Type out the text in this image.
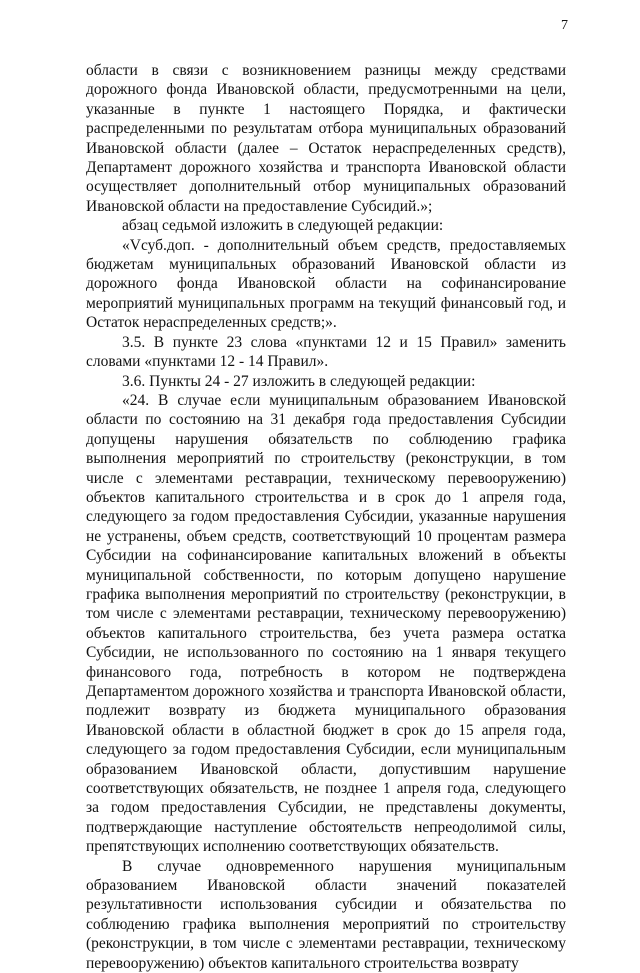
7

области в связи с возникновением разницы между средствами дорожного фонда Ивановской области, предусмотренными на цели, указанные в пункте 1 настоящего Порядка, и фактически распределенными по результатам отбора муниципальных образований Ивановской области (далее – Остаток нераспределенных средств), Департамент дорожного хозяйства и транспорта Ивановской области осуществляет дополнительный отбор муниципальных образований Ивановской области на предоставление Субсидий.»;

абзац седьмой изложить в следующей редакции:

«Vсуб.доп. - дополнительный объем средств, предоставляемых бюджетам муниципальных образований Ивановской области из дорожного фонда Ивановской области на софинансирование мероприятий муниципальных программ на текущий финансовый год, и Остаток нераспределенных средств;».

3.5. В пункте 23 слова «пунктами 12 и 15 Правил» заменить словами «пунктами 12 - 14 Правил».

3.6. Пункты 24 - 27 изложить в следующей редакции:

«24. В случае если муниципальным образованием Ивановской области по состоянию на 31 декабря года предоставления Субсидии допущены нарушения обязательств по соблюдению графика выполнения мероприятий по строительству (реконструкции, в том числе с элементами реставрации, техническому перевооружению) объектов капитального строительства и в срок до 1 апреля года, следующего за годом предоставления Субсидии, указанные нарушения не устранены, объем средств, соответствующий 10 процентам размера Субсидии на софинансирование капитальных вложений в объекты муниципальной собственности, по которым допущено нарушение графика выполнения мероприятий по строительству (реконструкции, в том числе с элементами реставрации, техническому перевооружению) объектов капитального строительства, без учета размера остатка Субсидии, не использованного по состоянию на 1 января текущего финансового года, потребность в котором не подтверждена Департаментом дорожного хозяйства и транспорта Ивановской области, подлежит возврату из бюджета муниципального образования Ивановской области в областной бюджет в срок до 15 апреля года, следующего за годом предоставления Субсидии, если муниципальным образованием Ивановской области, допустившим нарушение соответствующих обязательств, не позднее 1 апреля года, следующего за годом предоставления Субсидии, не представлены документы, подтверждающие наступление обстоятельств непреодолимой силы, препятствующих исполнению соответствующих обязательств.

В случае одновременного нарушения муниципальным образованием Ивановской области значений показателей результативности использования субсидии и обязательства по соблюдению графика выполнения мероприятий по строительству (реконструкции, в том числе с элементами реставрации, техническому перевооружению) объектов капитального строительства возврату
